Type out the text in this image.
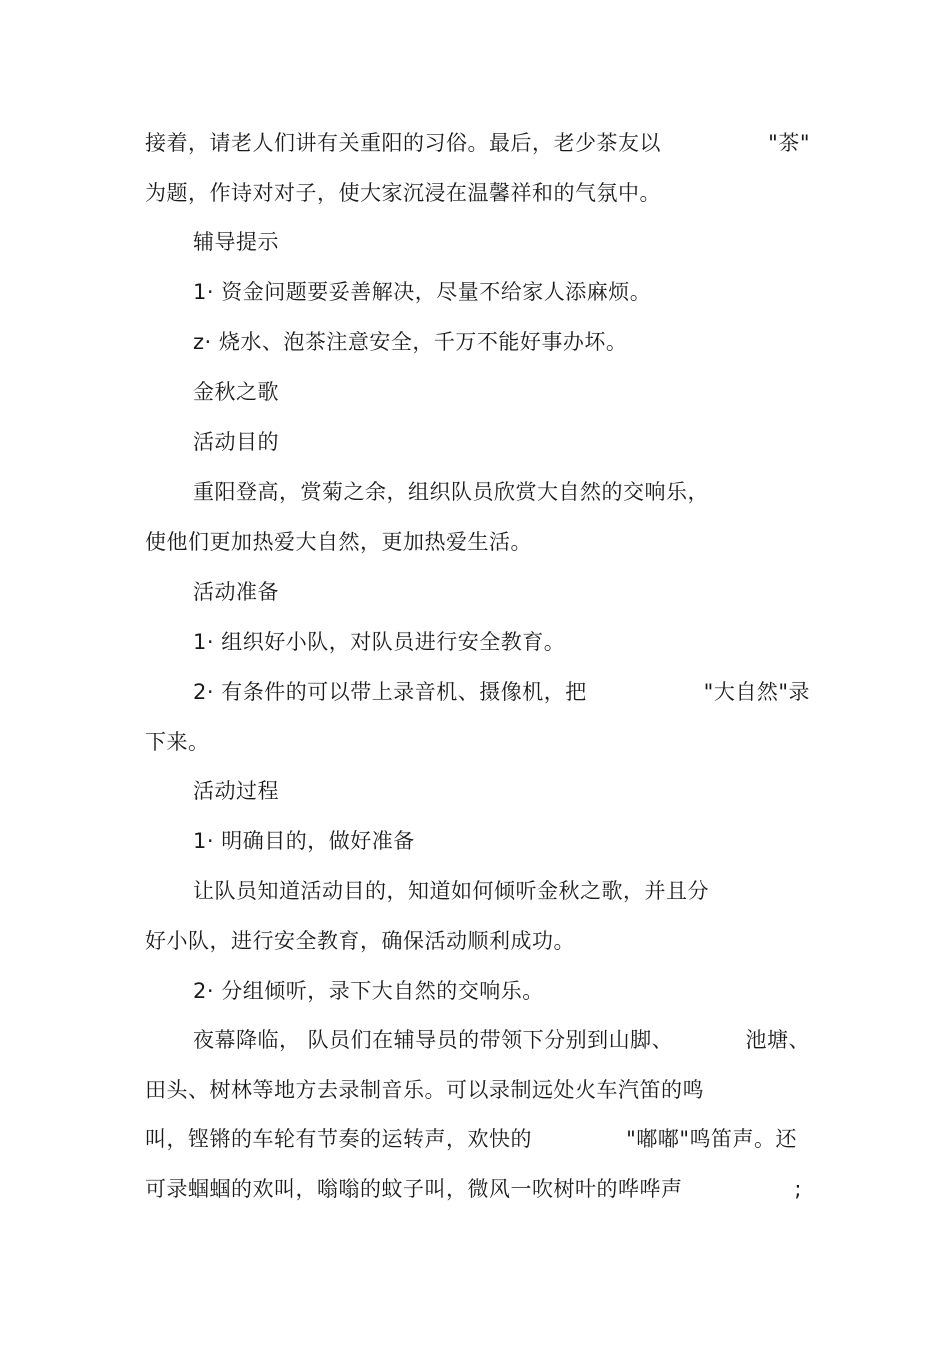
接着，请老人们讲有关重阳的习俗。最后，老少茶友以	"茶"
为题，作诗对对子，使大家沉浸在温馨祥和的气氛中。
辅导提示
1· 资金问题要妥善解决，尽量不给家人添麻烦。
z· 烧水、泡茶注意安全，千万不能好事办坏。
金秋之歌
活动目的
重阳登高，赏菊之余，组织队员欣赏大自然的交响乐，
使他们更加热爱大自然，更加热爱生活。
活动准备
1· 组织好小队，对队员进行安全教育。
2· 有条件的可以带上录音机、摄像机，把	"大自然"录
下来。
活动过程
1· 明确目的，做好准备
让队员知道活动目的，知道如何倾听金秋之歌，并且分
好小队，进行安全教育，确保活动顺利成功。
2· 分组倾听，录下大自然的交响乐。
夜幕降临， 队员们在辅导员的带领下分别到山脚、	池塘、
田头、树林等地方去录制音乐。可以录制远处火车汽笛的鸣
叫，铿锵的车轮有节奏的运转声，欢快的	"嘟嘟"鸣笛声。还
可录蝈蝈的欢叫，嗡嗡的蚊子叫，微风一吹树叶的哗哗声	;
